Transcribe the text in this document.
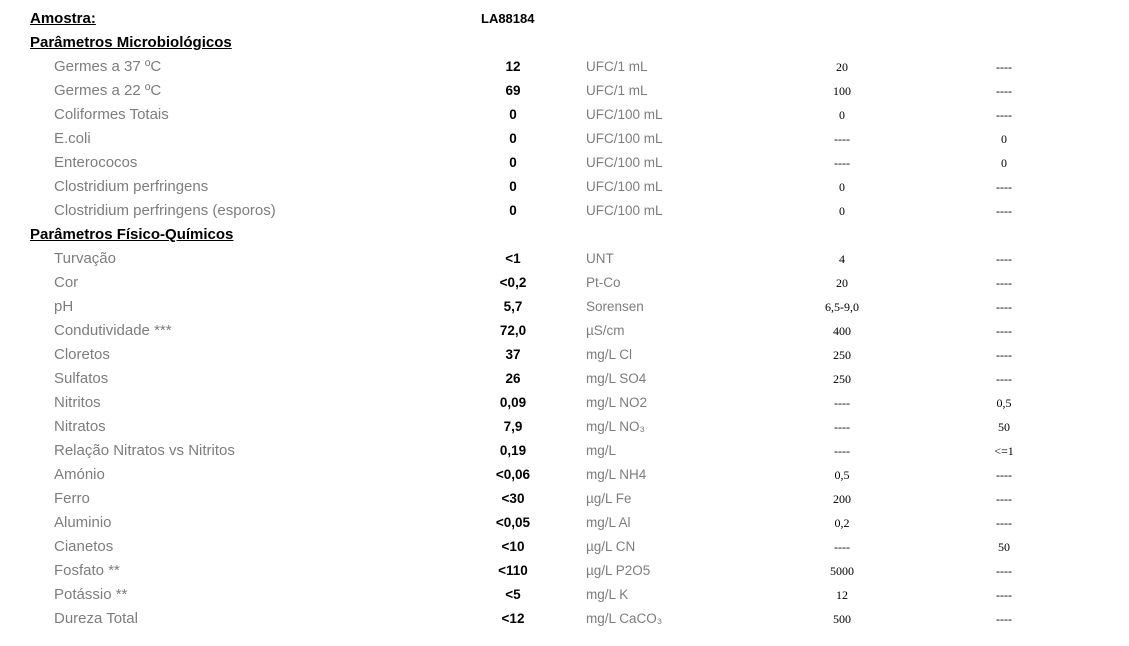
Amostra:	LA88184
Parâmetros Microbiológicos
Germes a 37 ºC	12	UFC/1 mL	20	----
Germes a 22 ºC	69	UFC/1 mL	100	----
Coliformes Totais	0	UFC/100 mL	0	----
E.coli	0	UFC/100 mL	----	0
Enterococos	0	UFC/100 mL	----	0
Clostridium perfringens	0	UFC/100 mL	0	----
Clostridium perfringens (esporos)	0	UFC/100 mL	0	----
Parâmetros Físico-Químicos
Turvação	<1	UNT	4	----
Cor	<0,2	Pt-Co	20	----
pH	5,7	Sorensen	6,5-9,0	----
Condutividade ***	72,0	µS/cm	400	----
Cloretos	37	mg/L Cl	250	----
Sulfatos	26	mg/L SO4	250	----
Nitritos	0,09	mg/L NO2	----	0,5
Nitratos	7,9	mg/L NO₃	----	50
Relação Nitratos vs Nitritos	0,19	mg/L	----	<=1
Amónio	<0,06	mg/L NH4	0,5	----
Ferro	<30	µg/L Fe	200	----
Aluminio	<0,05	mg/L Al	0,2	----
Cianetos	<10	µg/L CN	----	50
Fosfato **	<110	µg/L P2O5	5000	----
Potássio **	<5	mg/L K	12	----
Dureza Total	<12	mg/L CaCO₃	500	----
